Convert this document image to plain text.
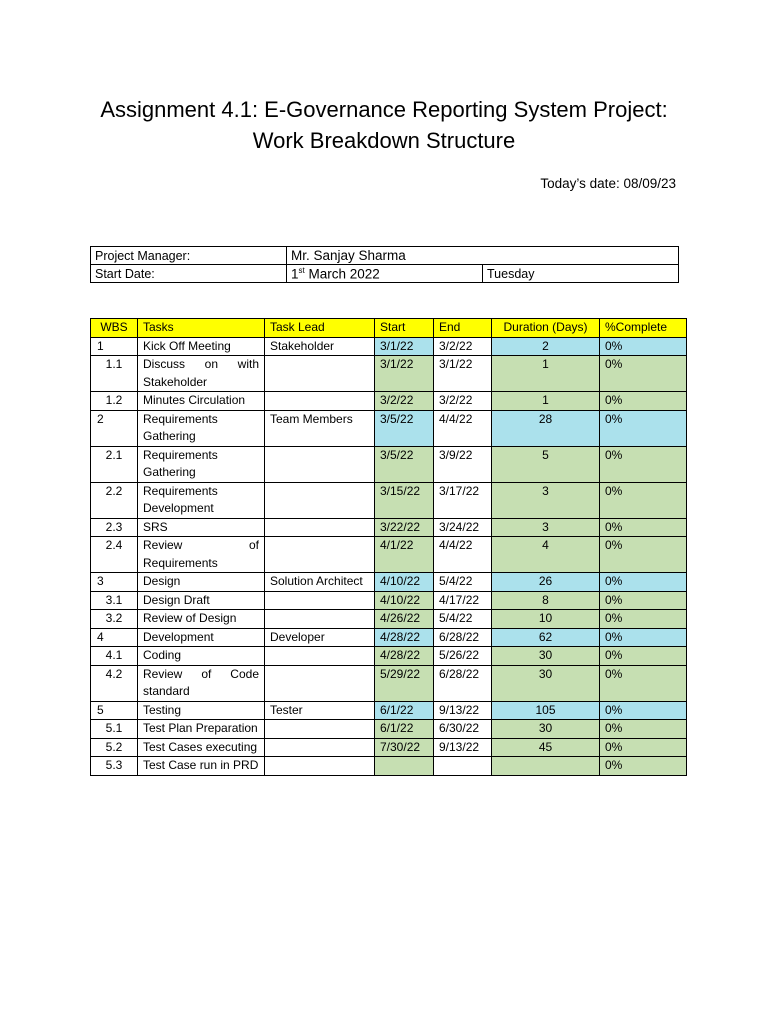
Assignment 4.1: E-Governance Reporting System Project:
Work Breakdown Structure
Today’s date: 08/09/23
Project Manager:	Mr. Sanjay Sharma	
Start Date:	1st March 2022	Tuesday
WBS	Tasks	Task Lead	Start	End	Duration (Days)	%Complete
1	Kick Off Meeting	Stakeholder	3/1/22	3/2/22	2	0%
1.1	Discuss on with Stakeholder		3/1/22	3/1/22	1	0%
1.2	Minutes Circulation		3/2/22	3/2/22	1	0%
2	Requirements Gathering	Team Members	3/5/22	4/4/22	28	0%
2.1	Requirements Gathering		3/5/22	3/9/22	5	0%
2.2	Requirements Development		3/15/22	3/17/22	3	0%
2.3	SRS		3/22/22	3/24/22	3	0%
2.4	Review of Requirements		4/1/22	4/4/22	4	0%
3	Design	Solution Architect	4/10/22	5/4/22	26	0%
3.1	Design Draft		4/10/22	4/17/22	8	0%
3.2	Review of Design		4/26/22	5/4/22	10	0%
4	Development	Developer	4/28/22	6/28/22	62	0%
4.1	Coding		4/28/22	5/26/22	30	0%
4.2	Review of Code standard		5/29/22	6/28/22	30	0%
5	Testing	Tester	6/1/22	9/13/22	105	0%
5.1	Test Plan Preparation		6/1/22	6/30/22	30	0%
5.2	Test Cases executing		7/30/22	9/13/22	45	0%
5.3	Test Case run in PRD					0%
